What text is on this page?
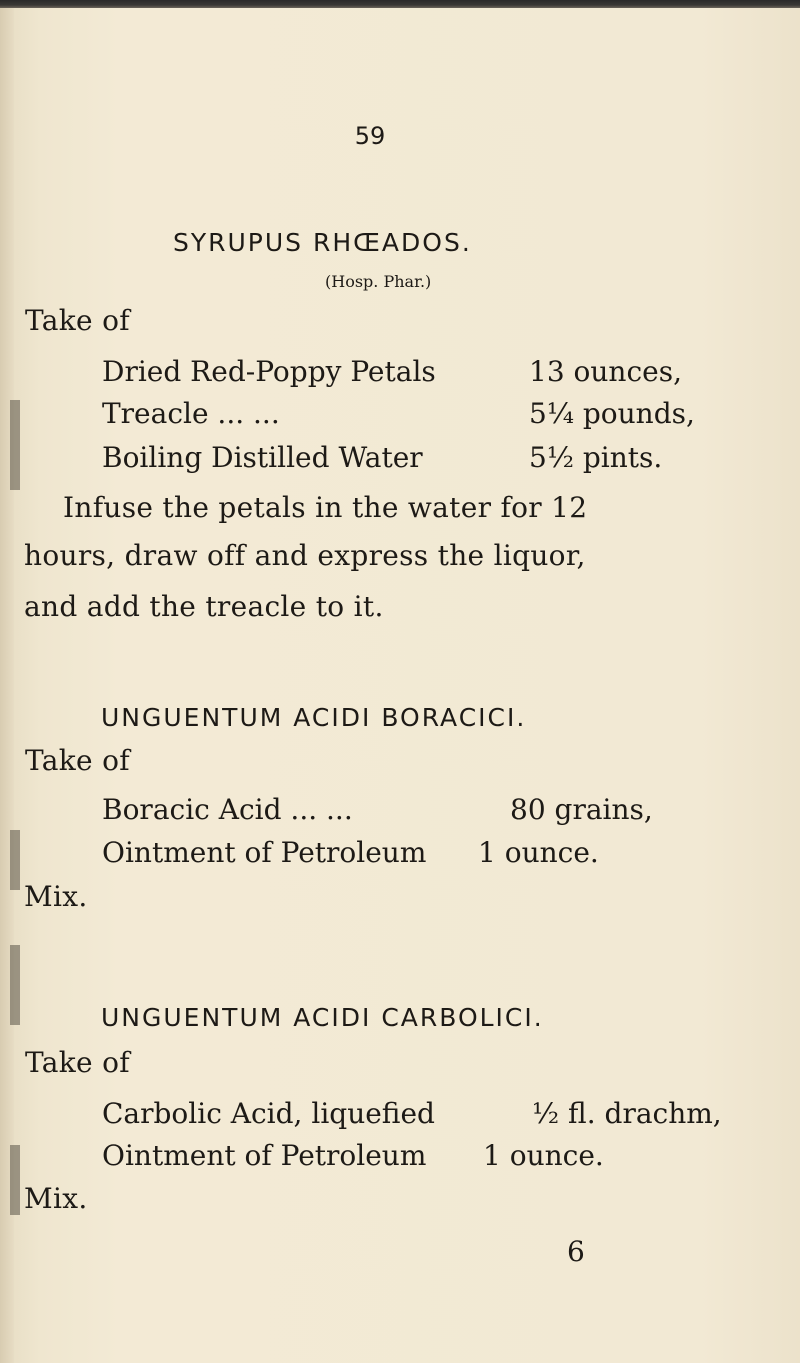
59
SYRUPUS RHŒADOS.
(Hosp. Phar.)
Take of
Dried Red-Poppy Petals	13 ounces,
Treacle ... ...	5¼ pounds,
Boiling Distilled Water	5½ pints.
Infuse the petals in the water for 12
hours, draw off and express the liquor,
and add the treacle to it.
UNGUENTUM ACIDI BORACICI.
Take of
Boracic Acid ... ...	80 grains,
Ointment of Petroleum 1 ounce.
Mix.
UNGUENTUM ACIDI CARBOLICI.
Take of
Carbolic Acid, liquefied	½ fl. drachm,
Ointment of Petroleum 1 ounce.
Mix.
6
